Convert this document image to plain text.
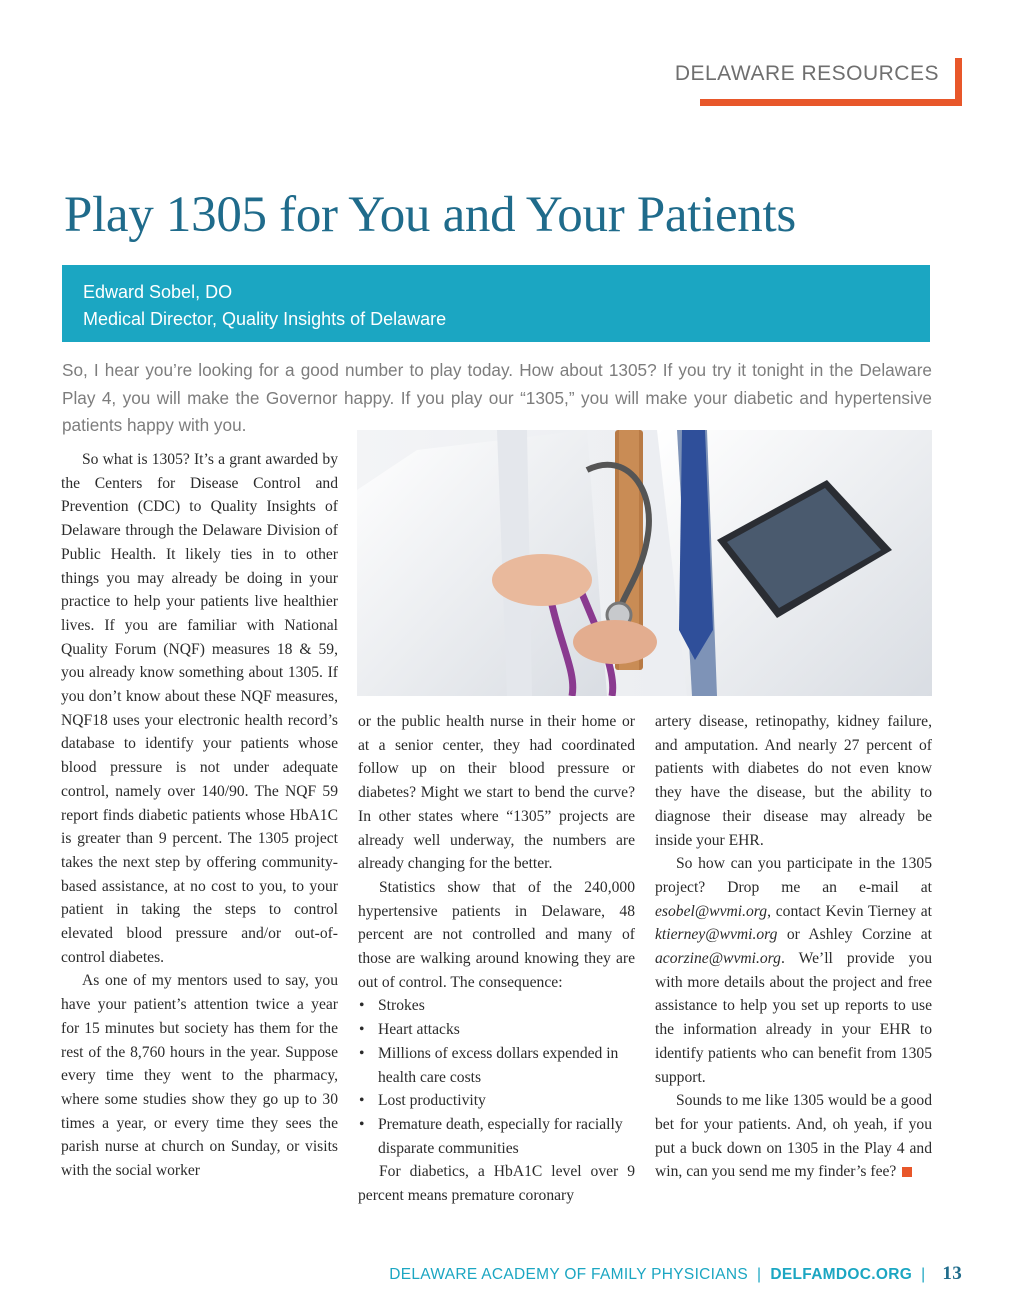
DELAWARE RESOURCES
Play 1305 for You and Your Patients
Edward Sobel, DO
Medical Director, Quality Insights of Delaware

So, I hear you’re looking for a good number to play today. How about 1305? If you try it tonight in the Delaware Play 4, you will make the Governor happy. If you play our “1305,” you will make your diabetic and hypertensive patients happy with you.

So what is 1305? It’s a grant awarded by the Centers for Disease Control and Prevention (CDC) to Quality Insights of Delaware through the Delaware Division of Public Health. It likely ties in to other things you may already be doing in your practice to help your patients live healthier lives. If you are familiar with National Quality Forum (NQF) measures 18 & 59, you already know something about 1305. If you don’t know about these NQF measures, NQF18 uses your electronic health record’s database to identify your patients whose blood pressure is not under adequate control, namely over 140/90. The NQF 59 report finds diabetic patients whose HbA1C is greater than 9 percent. The 1305 project takes the next step by offering community-based assistance, at no cost to you, to your patient in taking the steps to control elevated blood pressure and/or out-of-control diabetes.

As one of my mentors used to say, you have your patient’s attention twice a year for 15 minutes but society has them for the rest of the 8,760 hours in the year. Suppose every time they went to the pharmacy, where some studies show they go up to 30 times a year, or every time they sees the parish nurse at church on Sunday, or visits with the social worker

or the public health nurse in their home or at a senior center, they had coordinated follow up on their blood pressure or diabetes? Might we start to bend the curve? In other states where “1305” projects are already well underway, the numbers are already changing for the better.

Statistics show that of the 240,000 hypertensive patients in Delaware, 48 percent are not controlled and many of those are walking around knowing they are out of control. The consequence:

• Strokes
• Heart attacks
• Millions of excess dollars expended in health care costs
• Lost productivity
• Premature death, especially for racially disparate communities

For diabetics, a HbA1C level over 9 percent means premature coronary

artery disease, retinopathy, kidney failure, and amputation. And nearly 27 percent of patients with diabetes do not even know they have the disease, but the ability to diagnose their disease may already be inside your EHR.

So how can you participate in the 1305 project? Drop me an e-mail at esobel@wvmi.org, contact Kevin Tierney at ktierney@wvmi.org or Ashley Corzine at acorzine@wvmi.org. We’ll provide you with more details about the project and free assistance to help you set up reports to use the information already in your EHR to identify patients who can benefit from 1305 support.

Sounds to me like 1305 would be a good bet for your patients. And, oh yeah, if you put a buck down on 1305 in the Play 4 and win, can you send me my finder’s fee?

DELAWARE ACADEMY OF FAMILY PHYSICIANS | DELFAMDOC.ORG | 13
